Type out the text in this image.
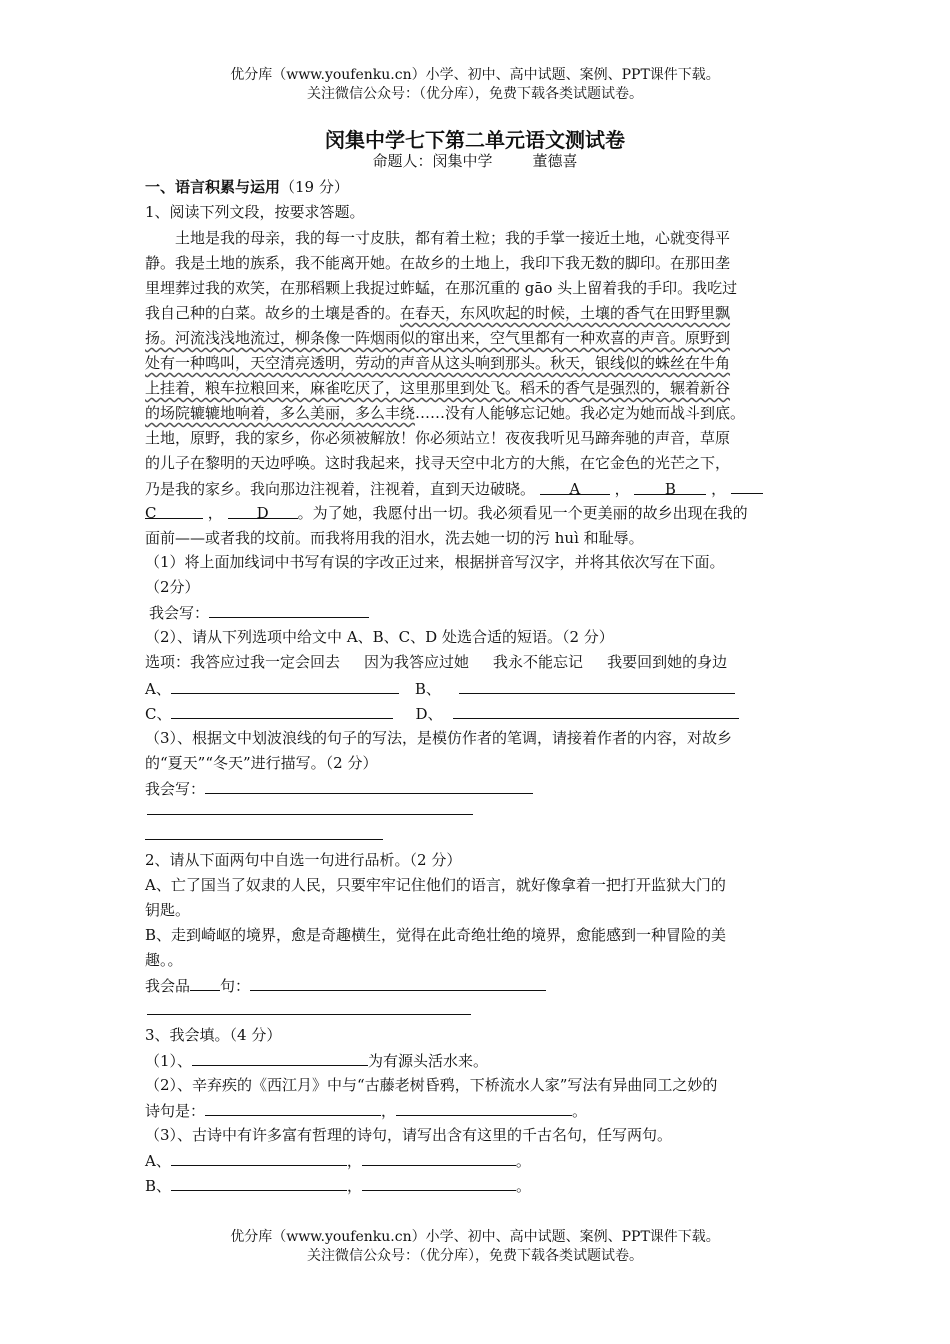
优分库（www.youfenku.cn）小学、初中、高中试题、案例、PPT课件下载。
关注微信公众号：（优分库），免费下载各类试题试卷。
闵集中学七下第二单元语文测试卷
命题人：闵集中学	董德喜
一、语言积累与运用（19 分）
1、阅读下列文段，按要求答题。
土地是我的母亲，我的每一寸皮肤，都有着土粒；我的手掌一接近土地，心就变得平
静。我是土地的族系，我不能离开她。在故乡的土地上，我印下我无数的脚印。在那田垄
里埋葬过我的欢笑，在那稻颗上我捉过蚱蜢，在那沉重的 gāo 头上留着我的手印。我吃过
我自己种的白菜。故乡的土壤是香的。在春天，东风吹起的时候，土壤的香气在田野里飘
扬。河流浅浅地流过，柳条像一阵烟雨似的窜出来，空气里都有一种欢喜的声音。原野到
处有一种鸣叫，天空清亮透明，劳动的声音从这头响到那头。秋天，银线似的蛛丝在牛角
上挂着，粮车拉粮回来，麻雀吃厌了，这里那里到处飞。稻禾的香气是强烈的，辗着新谷
的场院辘辘地响着，多么美丽，多么丰绕……没有人能够忘记她。我必定为她而战斗到底。
土地，原野，我的家乡，你必须被解放！你必须站立！夜夜我听见马蹄奔驰的声音，草原
的儿子在黎明的天边呼唤。这时我起来，找寻天空中北方的大熊，在它金色的光芒之下，
乃是我的家乡。我向那边注视着，注视着，直到天边破晓。 A ， B ，
C	， D 。为了她，我愿付出一切。我必须看见一个更美丽的故乡出现在我的
面前——或者我的坟前。而我将用我的泪水，洗去她一切的污 huì 和耻辱。
（1）将上面加线词中书写有误的字改正过来，根据拼音写汉字，并将其依次写在下面。
（2分）
我会写：
（2）、请从下列选项中给文中 A、B、C、D 处选合适的短语。（2 分）
选项：我答应过我一定会回去 因为我答应过她 我永不能忘记 我要回到她的身边
A、	B、
C、	D、
（3）、根据文中划波浪线的句子的写法，是模仿作者的笔调，请接着作者的内容，对故乡
的“夏天”“冬天”进行描写。（2 分）
我会写：
2、请从下面两句中自选一句进行品析。（2 分）
A、亡了国当了奴隶的人民，只要牢牢记住他们的语言，就好像拿着一把打开监狱大门的
钥匙。
B、走到崎岖的境界，愈是奇趣横生，觉得在此奇绝壮绝的境界，愈能感到一种冒险的美
趣。。
我会品 句：
3、我会填。（4 分）
（1）、	为有源头活水来。
（2）、辛弃疾的《西江月》中与“古藤老树昏鸦，下桥流水人家”写法有异曲同工之妙的
诗句是：	，	。
（3）、古诗中有许多富有哲理的诗句，请写出含有这里的千古名句，任写两句。
A、	，	。
B、	，	。
优分库（www.youfenku.cn）小学、初中、高中试题、案例、PPT课件下载。
关注微信公众号：（优分库），免费下载各类试题试卷。
